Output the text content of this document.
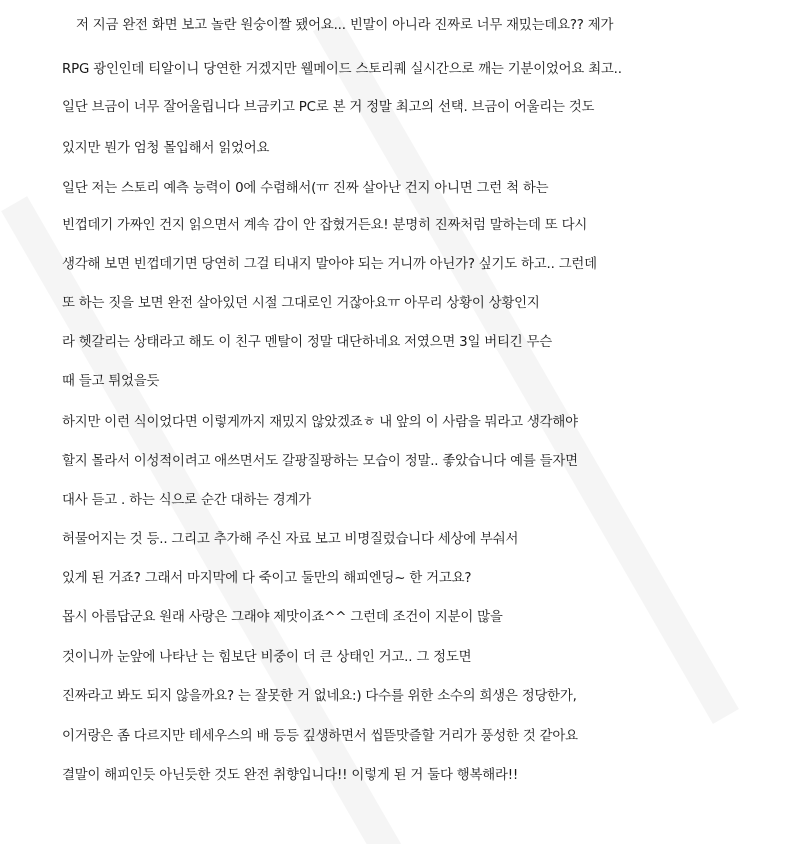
저 지금 완전 화면 보고 놀란 원숭이짤 됐어요... 빈말이 아니라 진짜로 너무 재밌는데요?? 제가
RPG 광인인데 티알이니 당연한 거겠지만 웰메이드 스토리퀘 실시간으로 깨는 기분이었어요 최고..
일단 브금이 너무 잘어울립니다 브금키고 PC로 본 거 정말 최고의 선택. 브금이 어울리는 것도
있지만 뭔가 엄청 몰입해서 읽었어요
일단 저는 스토리 예측 능력이 0에 수렴해서(ㅠ 진짜 살아난 건지 아니면 그런 척 하는
빈껍데기 가짜인 건지 읽으면서 계속 감이 안 잡혔거든요! 분명히 진짜처럼 말하는데 또 다시
생각해 보면 빈껍데기면 당연히 그걸 티내지 말아야 되는 거니까 아닌가? 싶기도 하고.. 그런데
또 하는 짓을 보면 완전 살아있던 시절 그대로인 거잖아요ㅠ 아무리 상황이 상황인지
라 헷갈리는 상태라고 해도 이 친구 멘탈이 정말 대단하네요 저였으면 3일 버티긴 무슨
때 들고 튀었을듯
하지만 이런 식이었다면 이렇게까지 재밌지 않았겠죠ㅎ 내 앞의 이 사람을 뭐라고 생각해야
할지 몰라서 이성적이려고 애쓰면서도 갈팡질팡하는 모습이 정말.. 좋았습니다 예를 들자면
대사 듣고 . 하는 식으로 순간 대하는 경계가
허물어지는 것 등.. 그리고 추가해 주신 자료 보고 비명질렀습니다 세상에 부숴서
있게 된 거죠? 그래서 마지막에 다 죽이고 둘만의 해피엔딩~ 한 거고요?
몹시 아름답군요 원래 사랑은 그래야 제맛이죠^^ 그런데 조건이 지분이 많을
것이니까 눈앞에 나타난 는 힘보단 비중이 더 큰 상태인 거고.. 그 정도면
진짜라고 봐도 되지 않을까요? 는 잘못한 거 없네요:) 다수를 위한 소수의 희생은 정당한가,
이거랑은 좀 다르지만 테세우스의 배 등등 깊생하면서 씹뜯맛즐할 거리가 풍성한 것 같아요
결말이 해피인듯 아닌듯한 것도 완전 취향입니다!! 이렇게 된 거 둘다 행복해라!!
